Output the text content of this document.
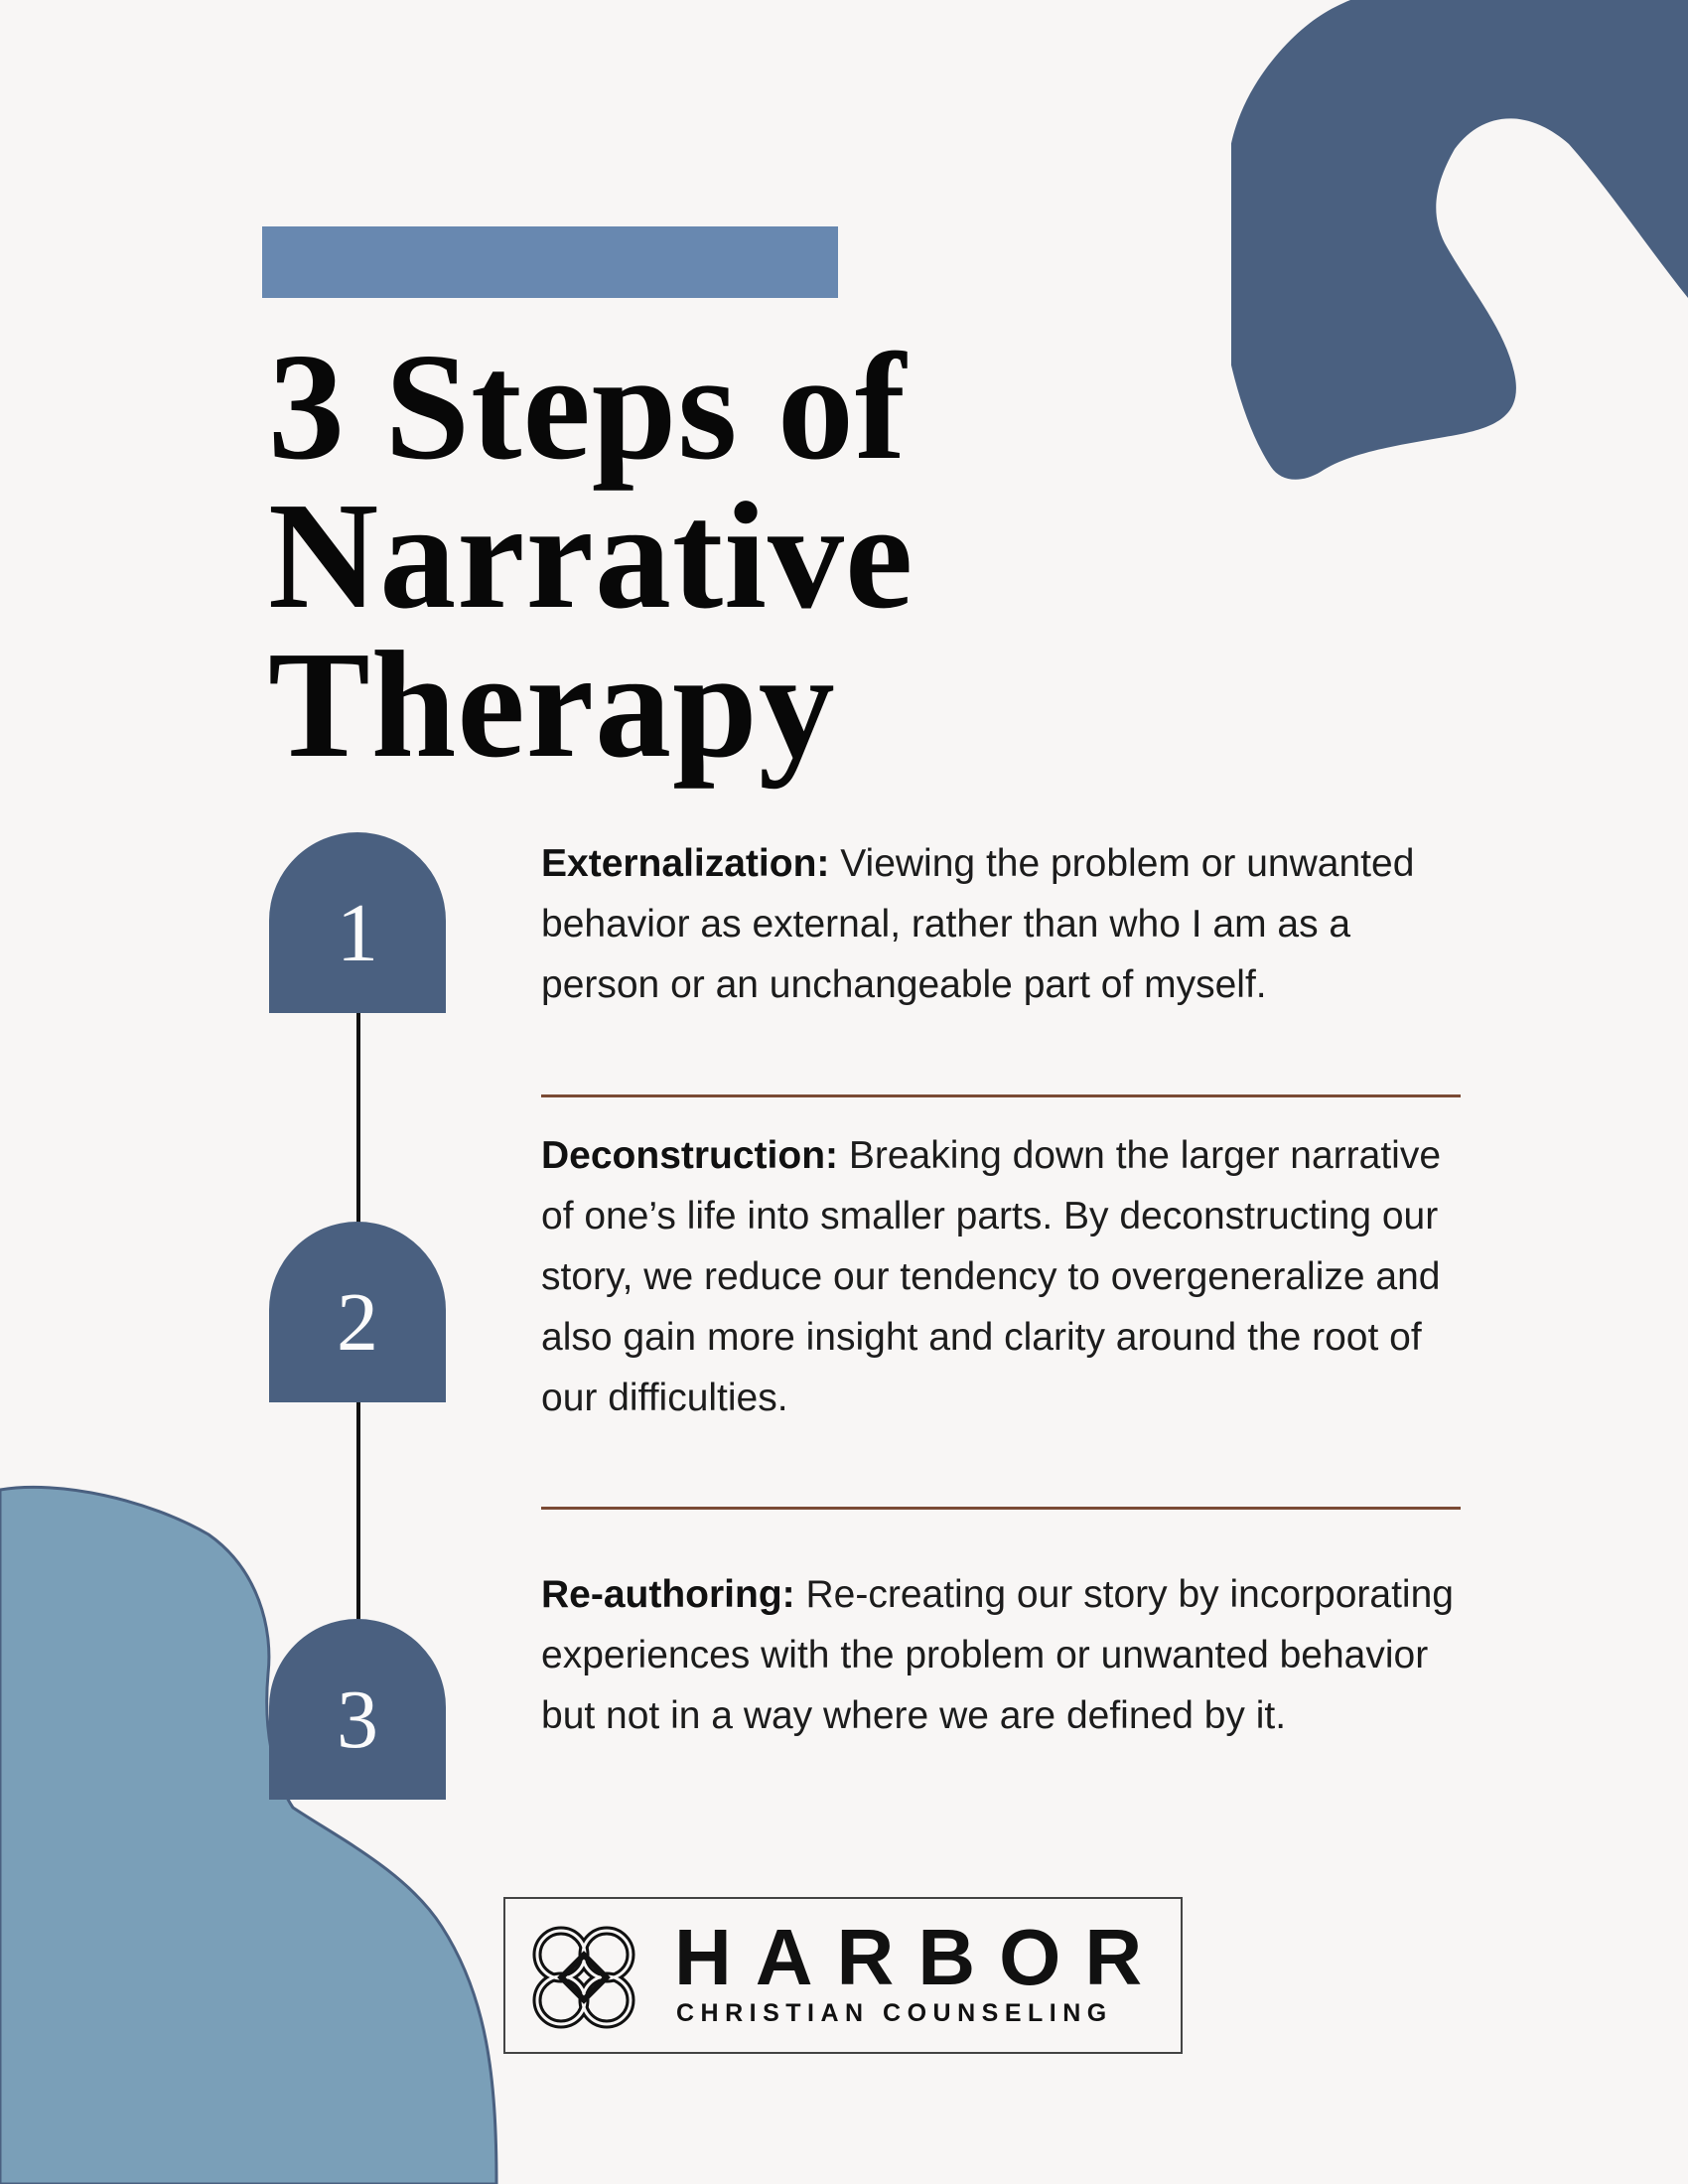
3 Steps of
Narrative
Therapy
1
2
3

Externalization: Viewing the problem or unwanted behavior as external, rather than who I am as a person or an unchangeable part of myself.

Deconstruction: Breaking down the larger narrative of one’s life into smaller parts. By deconstructing our story, we reduce our tendency to overgeneralize and also gain more insight and clarity around the root of our difficulties.

Re-authoring: Re-creating our story by incorporating experiences with the problem or unwanted behavior but not in a way where we are defined by it.

HARBOR
CHRISTIAN COUNSELING
